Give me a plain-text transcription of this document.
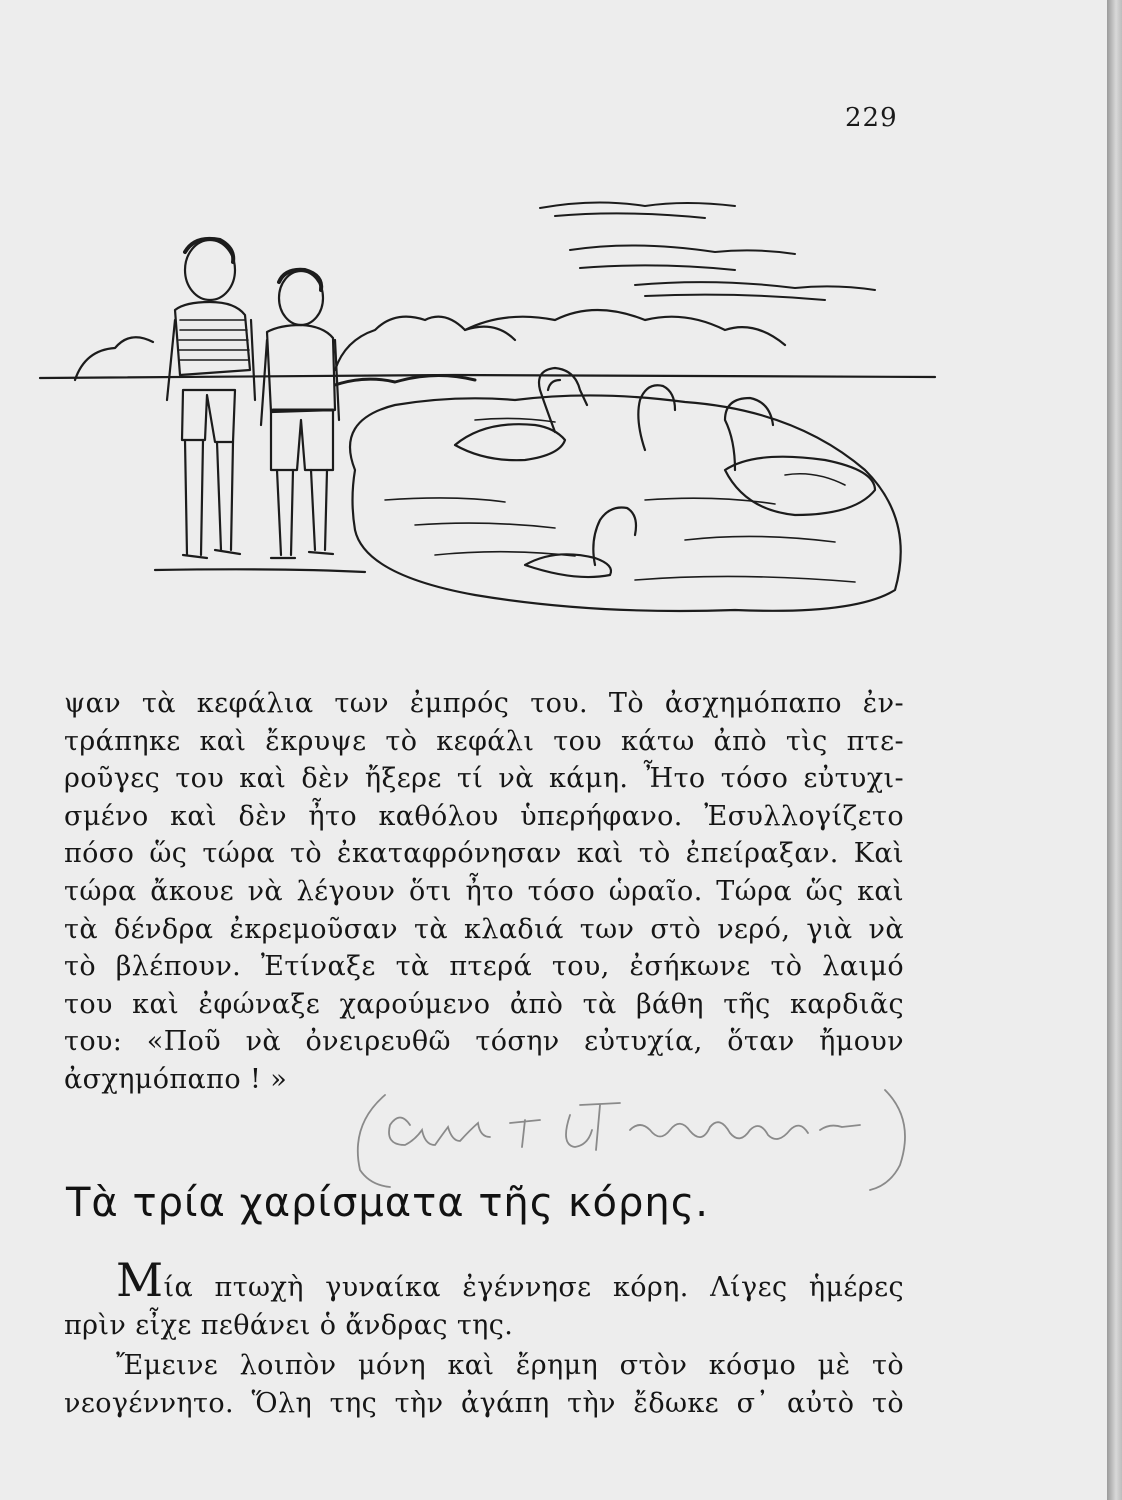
229
ψαν τὰ κεφάλια των ἐμπρός του. Τὸ ἀσχημόπαπο ἐν-
τράπηκε καὶ ἔκρυψε τὸ κεφάλι του κάτω ἀπὸ τὶς πτε-
ροῦγες του καὶ δὲν ἤξερε τί νὰ κάμη. Ἦτο τόσο εὐτυχι-
σμένο καὶ δὲν ἦτο καθόλου ὑπερήφανο. Ἐσυλλογίζετο
πόσο ὥς τώρα τὸ ἐκαταφρόνησαν καὶ τὸ ἐπείραξαν. Καὶ
τώρα ἄκουε νὰ λέγουν ὅτι ἦτο τόσο ὡραῖο. Τώρα ὥς καὶ
τὰ δένδρα ἐκρεμοῦσαν τὰ κλαδιά των στὸ νερό, γιὰ νὰ
τὸ βλέπουν. Ἐτίναξε τὰ πτερά του, ἐσήκωνε τὸ λαιμό
του καὶ ἐφώναξε χαρούμενο ἀπὸ τὰ βάθη τῆς καρδιᾶς
του: «Ποῦ νὰ ὀνειρευθῶ τόσην εὐτυχία, ὅταν ἤμουν
ἀσχημόπαπο ! »
Τὰ τρία χαρίσματα τῆς κόρης.
Μία πτωχὴ γυναίκα ἐγέννησε κόρη. Λίγες ἡμέρες
πρὶν εἶχε πεθάνει ὁ ἄνδρας της.
Ἔμεινε λοιπὸν μόνη καὶ ἔρημη στὸν κόσμο μὲ τὸ
νεογέννητο. Ὅλη της τὴν ἀγάπη τὴν ἔδωκε σ᾿ αὐτὸ τὸ
